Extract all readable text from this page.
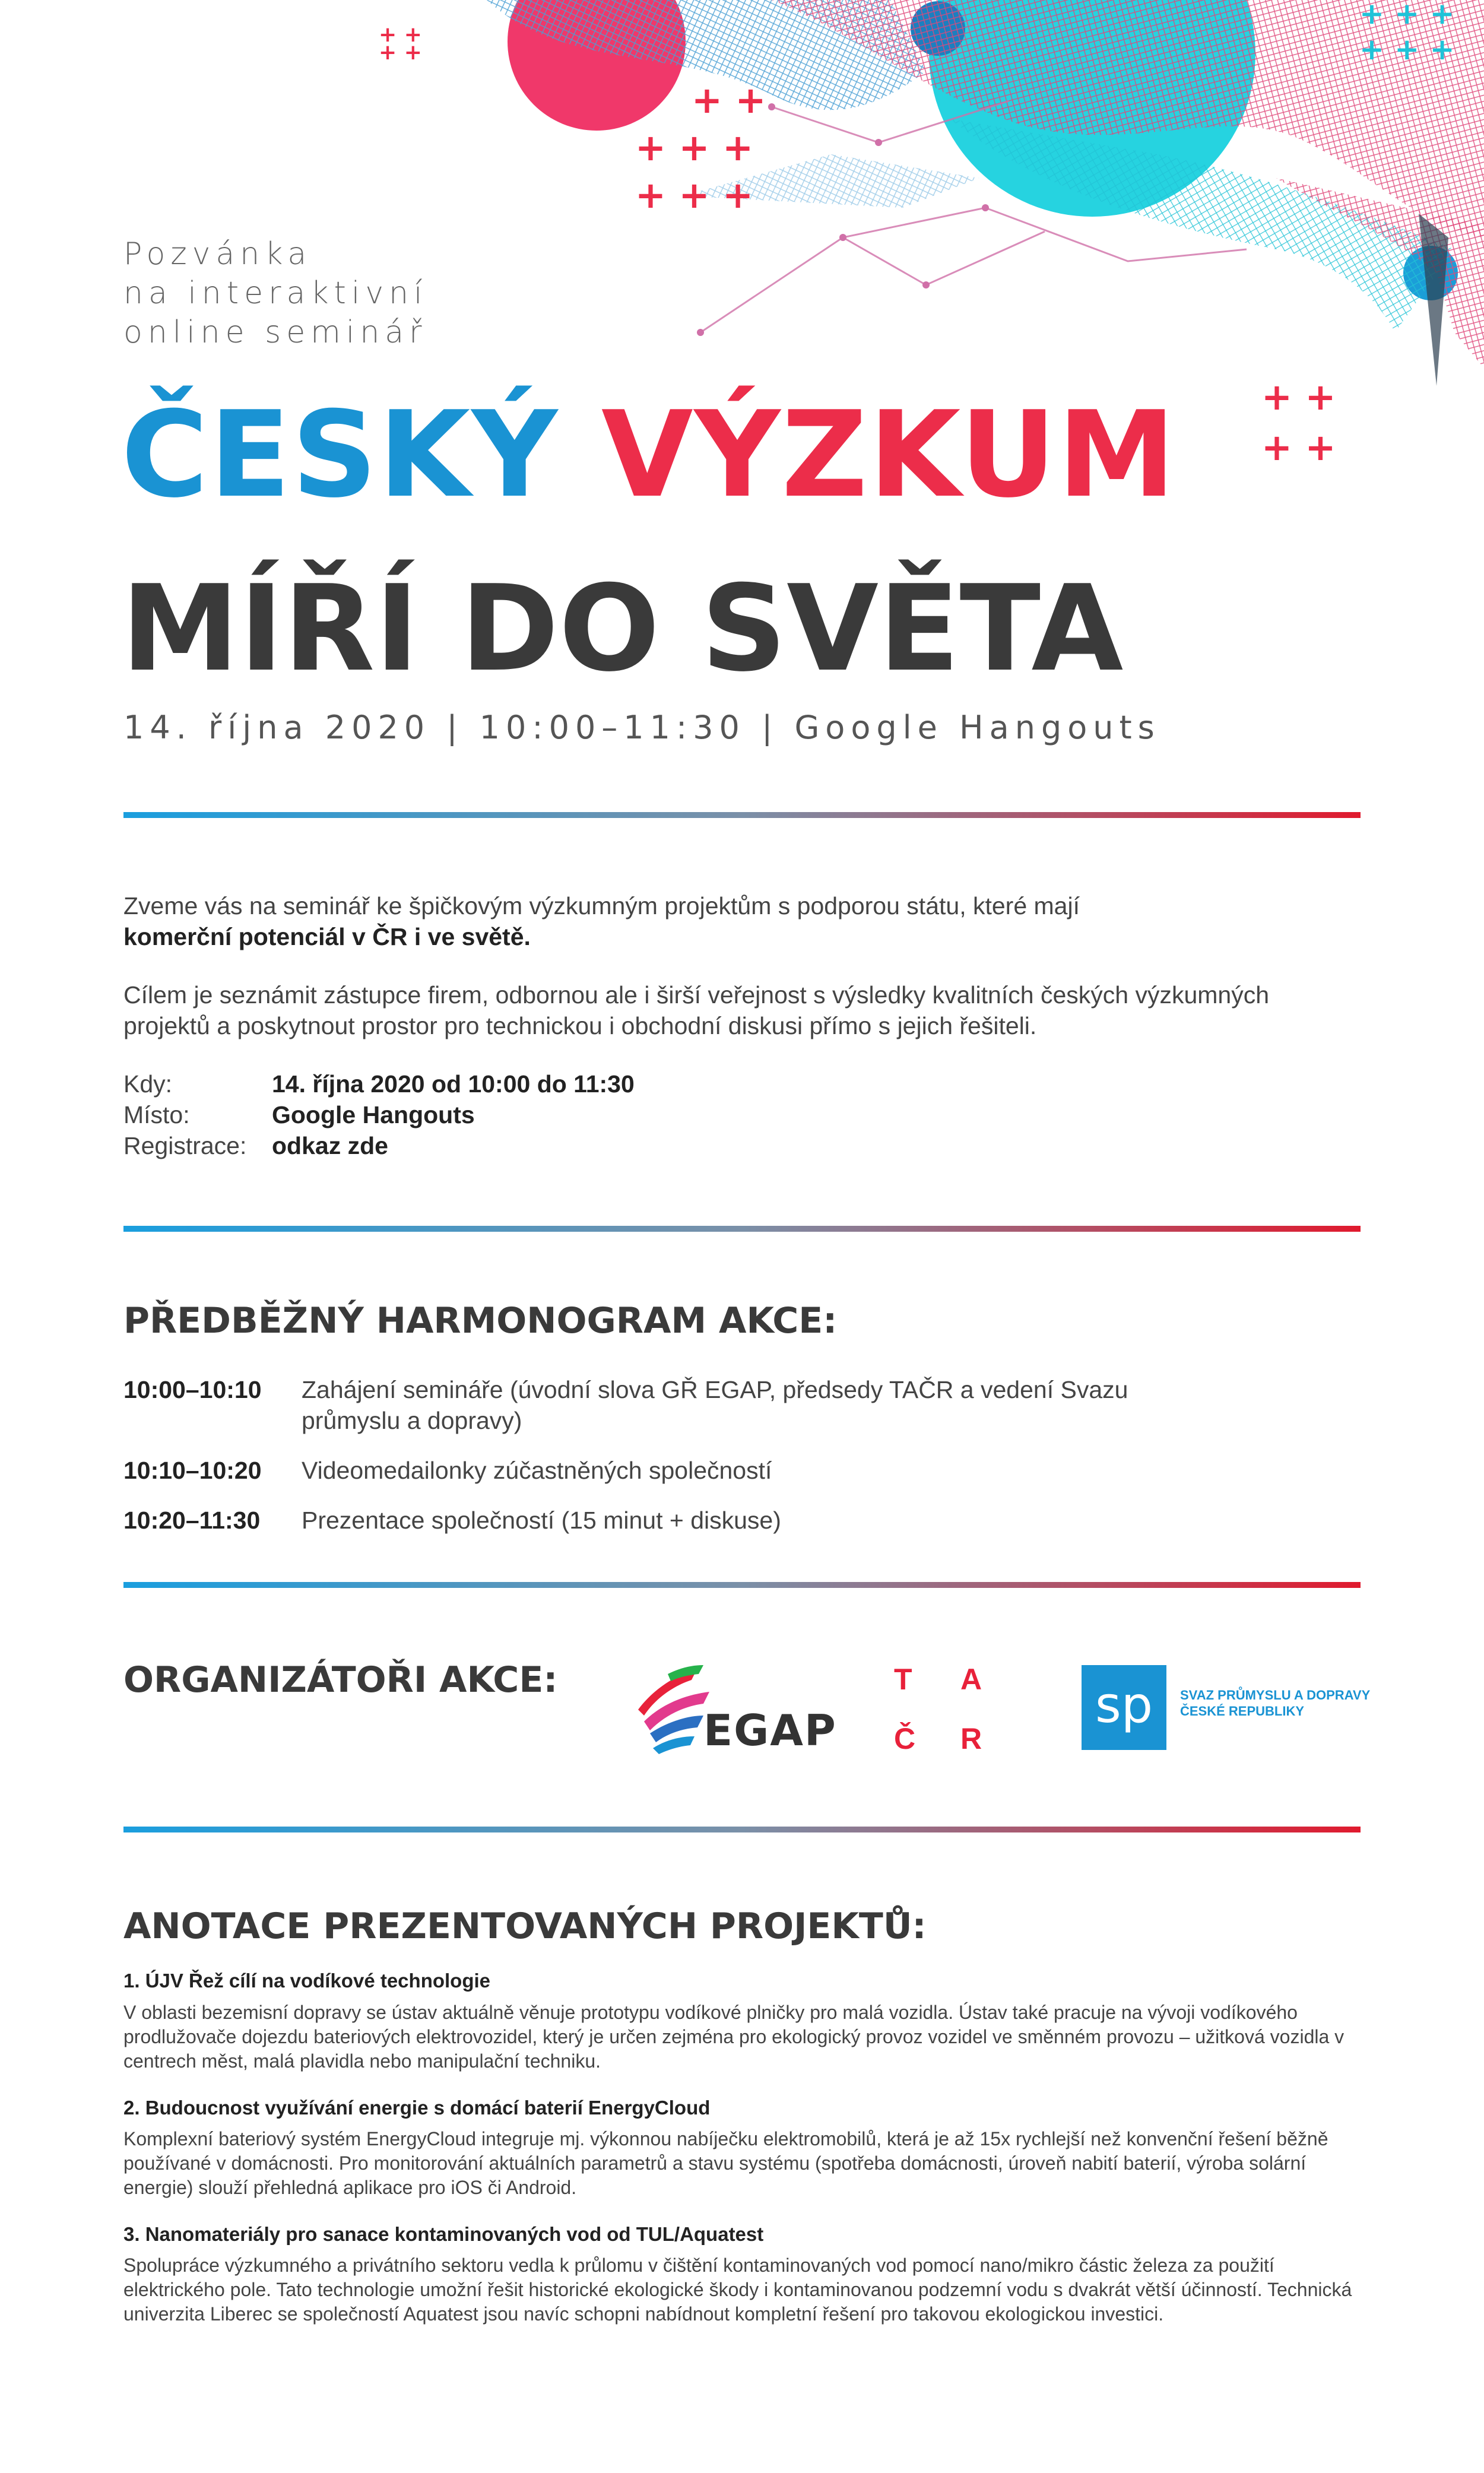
+ +
+ +
+ +
+ + +
+ + +
+ +
+ +
+ + +
+ + +
Pozvánka
na interaktivní
online seminář
ČESKÝ VÝZKUM
MÍŘÍ DO SVĚTA
14. října 2020 | 10:00–11:30 | Google Hangouts
Zveme vás na seminář ke špičkovým výzkumným projektům s podporou státu, které mají
komerční potenciál v ČR i ve světě.
Cílem je seznámit zástupce firem, odbornou ale i širší veřejnost s výsledky kvalitních českých výzkumných projektů a poskytnout prostor pro technickou i obchodní diskusi přímo s jejich řešiteli.
Kdy:	14. října 2020 od 10:00 do 11:30
Místo:	Google Hangouts
Registrace:	odkaz zde
PŘEDBĚŽNÝ HARMONOGRAM AKCE:
10:00–10:10	Zahájení semináře (úvodní slova GŘ EGAP, předsedy TAČR a vedení Svazu průmyslu a dopravy)
10:10–10:20	Videomedailonky zúčastněných společností
10:20–11:30	Prezentace společností (15 minut + diskuse)
ORGANIZÁTOŘI AKCE:
EGAP
T A
Č R
sp	SVAZ PRŮMYSLU A DOPRAVY
ČESKÉ REPUBLIKY
ANOTACE PREZENTOVANÝCH PROJEKTŮ:
1. ÚJV Řež cílí na vodíkové technologie
V oblasti bezemisní dopravy se ústav aktuálně věnuje prototypu vodíkové plničky pro malá vozidla. Ústav také pracuje na vývoji vodíkového prodlužovače dojezdu bateriových elektrovozidel, který je určen zejména pro ekologický provoz vozidel ve směnném provozu – užitková vozidla v centrech měst, malá plavidla nebo manipulační techniku.
2. Budoucnost využívání energie s domácí baterií EnergyCloud
Komplexní bateriový systém EnergyCloud integruje mj. výkonnou nabíječku elektromobilů, která je až 15x rychlejší než konvenční řešení běžně používané v domácnosti. Pro monitorování aktuálních parametrů a stavu systému (spotřeba domácnosti, úroveň nabití baterií, výroba solární energie) slouží přehledná aplikace pro iOS či Android.
3. Nanomateriály pro sanace kontaminovaných vod od TUL/Aquatest
Spolupráce výzkumného a privátního sektoru vedla k průlomu v čištění kontaminovaných vod pomocí nano/mikro částic železa za použití elektrického pole. Tato technologie umožní řešit historické ekologické škody i kontaminovanou podzemní vodu s dvakrát větší účinností. Technická univerzita Liberec se společností Aquatest jsou navíc schopni nabídnout kompletní řešení pro takovou ekologickou investici.
